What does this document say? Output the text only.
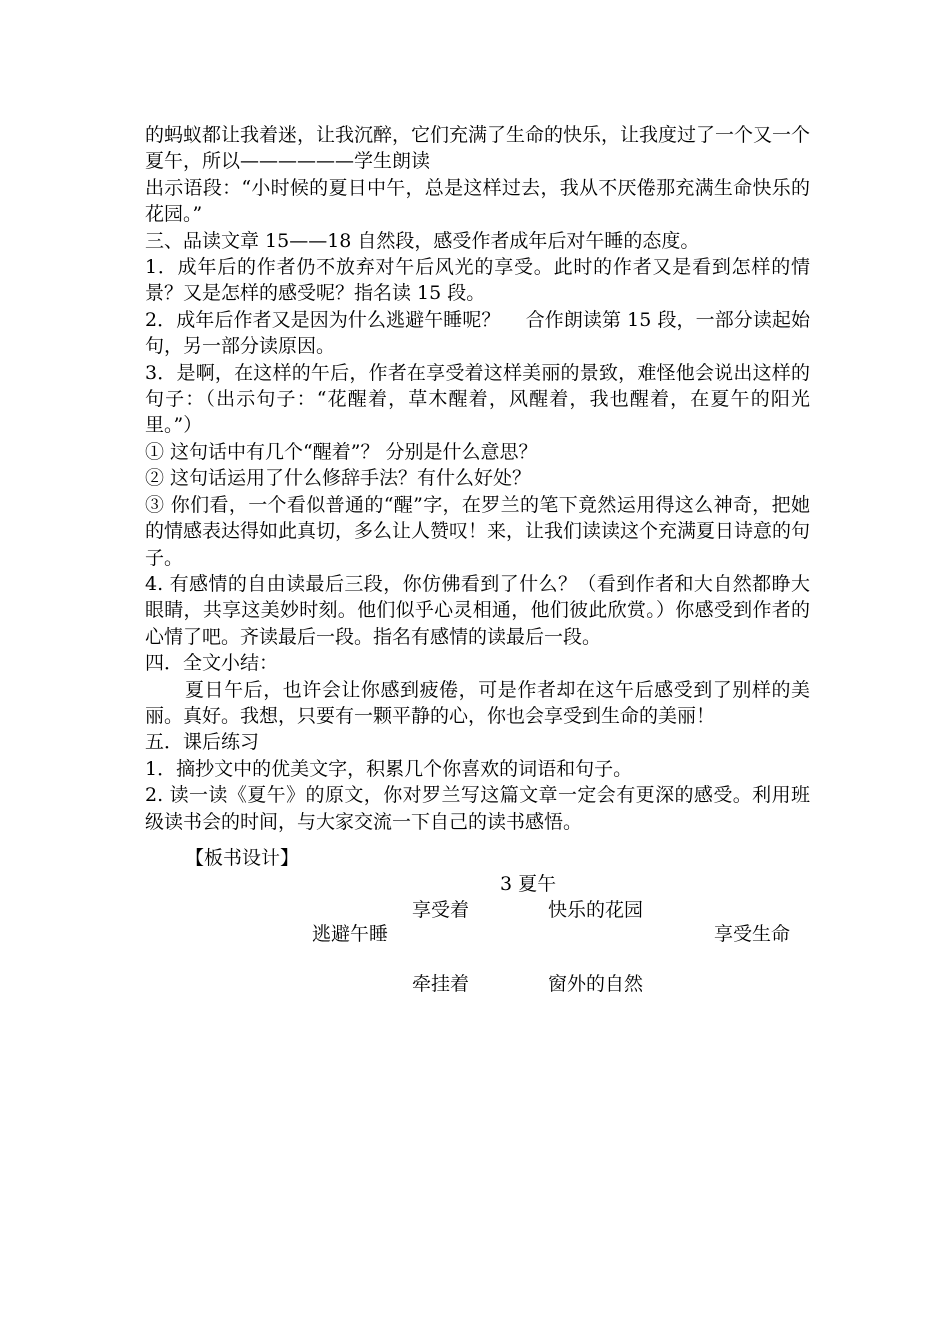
的蚂蚁都让我着迷，让我沉醉，它们充满了生命的快乐，让我度过了一个又一个夏午，所以——————学生朗读

出示语段：“小时候的夏日中午，总是这样过去，我从不厌倦那充满生命快乐的花园。”

三、品读文章 15——18 自然段，感受作者成年后对午睡的态度。

1．成年后的作者仍不放弃对午后风光的享受。此时的作者又是看到怎样的情景？又是怎样的感受呢？指名读 15 段。

2．成年后作者又是因为什么逃避午睡呢？　 合作朗读第 15 段，一部分读起始句，另一部分读原因。

3．是啊，在这样的午后，作者在享受着这样美丽的景致，难怪他会说出这样的句子：（出示句子：“花醒着，草木醒着，风醒着，我也醒着，在夏午的阳光里。”）

① 这句话中有几个“醒着”？ 分别是什么意思？

② 这句话运用了什么修辞手法？有什么好处？

③ 你们看，一个看似普通的“醒”字，在罗兰的笔下竟然运用得这么神奇，把她的情感表达得如此真切，多么让人赞叹！来，让我们读读这个充满夏日诗意的句子。

4. 有感情的自由读最后三段，你仿佛看到了什么？（看到作者和大自然都睁大眼睛，共享这美妙时刻。他们似乎心灵相通，他们彼此欣赏。）你感受到作者的心情了吧。齐读最后一段。指名有感情的读最后一段。

四．全文小结：

夏日午后，也许会让你感到疲倦，可是作者却在这午后感受到了别样的美丽。真好。我想，只要有一颗平静的心，你也会享受到生命的美丽！

五．课后练习

1．摘抄文中的优美文字，积累几个你喜欢的词语和句子。

2. 读一读《夏午》的原文，你对罗兰写这篇文章一定会有更深的感受。利用班级读书会的时间，与大家交流一下自己的读书感悟。

【板书设计】
3 夏午
享受着	快乐的花园
逃避午睡	享受生命
牵挂着	窗外的自然
